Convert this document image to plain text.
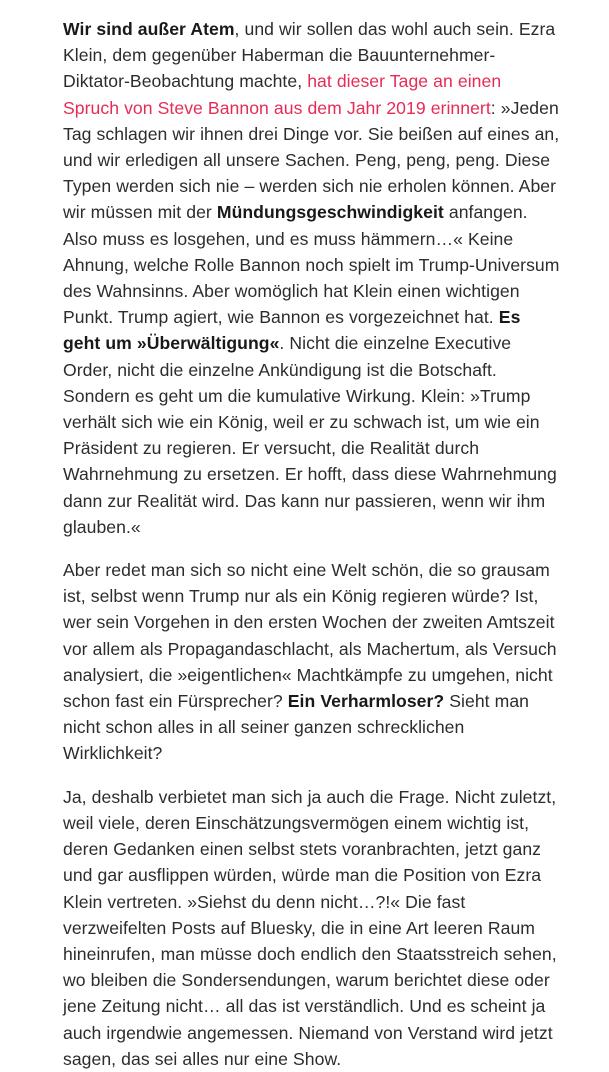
Wir sind außer Atem, und wir sollen das wohl auch sein. Ezra Klein, dem gegenüber Haberman die Bauunternehmer-Diktator-Beobachtung machte, hat dieser Tage an einen Spruch von Steve Bannon aus dem Jahr 2019 erinnert: »Jeden Tag schlagen wir ihnen drei Dinge vor. Sie beißen auf eines an, und wir erledigen all unsere Sachen. Peng, peng, peng. Diese Typen werden sich nie – werden sich nie erholen können. Aber wir müssen mit der Mündungsgeschwindigkeit anfangen. Also muss es losgehen, und es muss hämmern…« Keine Ahnung, welche Rolle Bannon noch spielt im Trump-Universum des Wahnsinns. Aber womöglich hat Klein einen wichtigen Punkt. Trump agiert, wie Bannon es vorgezeichnet hat. Es geht um »Überwältigung«. Nicht die einzelne Executive Order, nicht die einzelne Ankündigung ist die Botschaft. Sondern es geht um die kumulative Wirkung. Klein: »Trump verhält sich wie ein König, weil er zu schwach ist, um wie ein Präsident zu regieren. Er versucht, die Realität durch Wahrnehmung zu ersetzen. Er hofft, dass diese Wahrnehmung dann zur Realität wird. Das kann nur passieren, wenn wir ihm glauben.«

Aber redet man sich so nicht eine Welt schön, die so grausam ist, selbst wenn Trump nur als ein König regieren würde? Ist, wer sein Vorgehen in den ersten Wochen der zweiten Amtszeit vor allem als Propagandaschlacht, als Machertum, als Versuch analysiert, die »eigentlichen« Machtkämpfe zu umgehen, nicht schon fast ein Fürsprecher? Ein Verharmloser? Sieht man nicht schon alles in all seiner ganzen schrecklichen Wirklichkeit?

Ja, deshalb verbietet man sich ja auch die Frage. Nicht zuletzt, weil viele, deren Einschätzungsvermögen einem wichtig ist, deren Gedanken einen selbst stets voranbrachten, jetzt ganz und gar ausflippen würden, würde man die Position von Ezra Klein vertreten. »Siehst du denn nicht…?!« Die fast verzweifelten Posts auf Bluesky, die in eine Art leeren Raum hineinrufen, man müsse doch endlich den Staatsstreich sehen, wo bleiben die Sondersendungen, warum berichtet diese oder jene Zeitung nicht… all das ist verständlich. Und es scheint ja auch irgendwie angemessen. Niemand von Verstand wird jetzt sagen, das sei alles nur eine Show.
